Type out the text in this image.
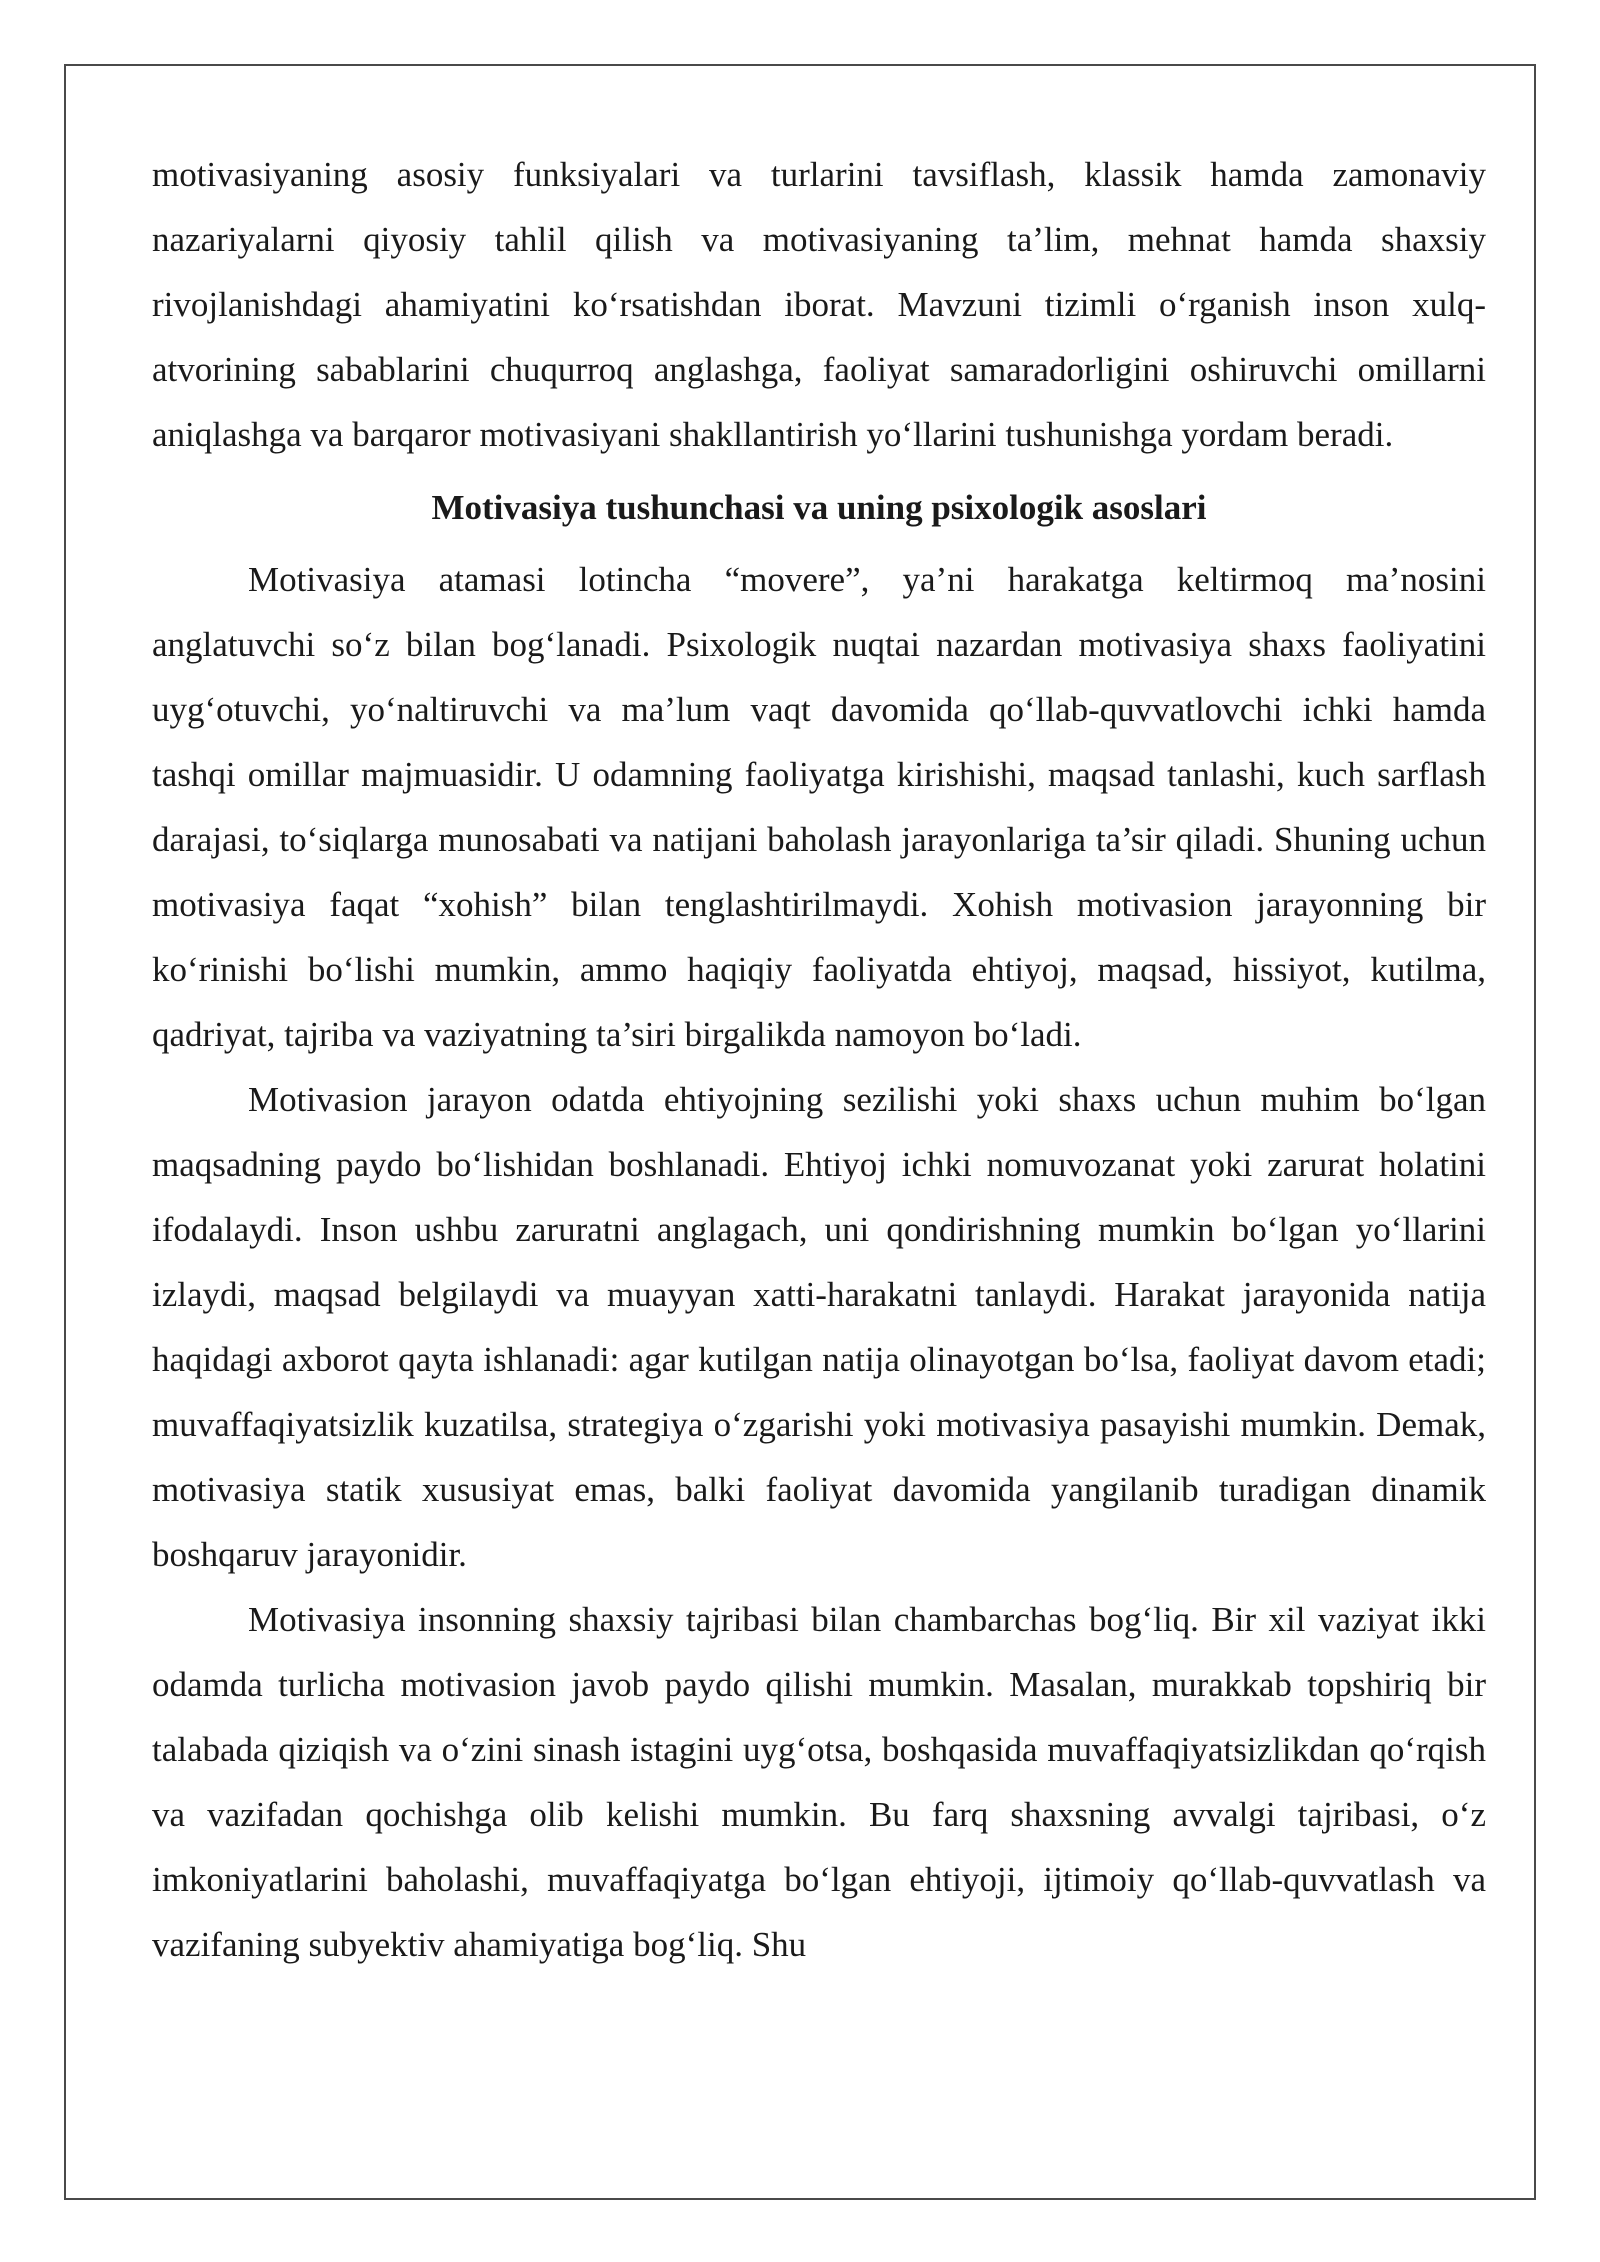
motivasiyaning asosiy funksiyalari va turlarini tavsiflash, klassik hamda zamonaviy nazariyalarni qiyosiy tahlil qilish va motivasiyaning ta’lim, mehnat hamda shaxsiy rivojlanishdagi ahamiyatini ko‘rsatishdan iborat. Mavzuni tizimli o‘rganish inson xulq-atvorining sabablarini chuqurroq anglashga, faoliyat samaradorligini oshiruvchi omillarni aniqlashga va barqaror motivasiyani shakllantirish yo‘llarini tushunishga yordam beradi.

Motivasiya tushunchasi va uning psixologik asoslari

Motivasiya atamasi lotincha “movere”, ya’ni harakatga keltirmoq ma’nosini anglatuvchi so‘z bilan bog‘lanadi. Psixologik nuqtai nazardan motivasiya shaxs faoliyatini uyg‘otuvchi, yo‘naltiruvchi va ma’lum vaqt davomida qo‘llab-quvvatlovchi ichki hamda tashqi omillar majmuasidir. U odamning faoliyatga kirishishi, maqsad tanlashi, kuch sarflash darajasi, to‘siqlarga munosabati va natijani baholash jarayonlariga ta’sir qiladi. Shuning uchun motivasiya faqat “xohish” bilan tenglashtirilmaydi. Xohish motivasion jarayonning bir ko‘rinishi bo‘lishi mumkin, ammo haqiqiy faoliyatda ehtiyoj, maqsad, hissiyot, kutilma, qadriyat, tajriba va vaziyatning ta’siri birgalikda namoyon bo‘ladi.

Motivasion jarayon odatda ehtiyojning sezilishi yoki shaxs uchun muhim bo‘lgan maqsadning paydo bo‘lishidan boshlanadi. Ehtiyoj ichki nomuvozanat yoki zarurat holatini ifodalaydi. Inson ushbu zaruratni anglagach, uni qondirishning mumkin bo‘lgan yo‘llarini izlaydi, maqsad belgilaydi va muayyan xatti-harakatni tanlaydi. Harakat jarayonida natija haqidagi axborot qayta ishlanadi: agar kutilgan natija olinayotgan bo‘lsa, faoliyat davom etadi; muvaffaqiyatsizlik kuzatilsa, strategiya o‘zgarishi yoki motivasiya pasayishi mumkin. Demak, motivasiya statik xususiyat emas, balki faoliyat davomida yangilanib turadigan dinamik boshqaruv jarayonidir.

Motivasiya insonning shaxsiy tajribasi bilan chambarchas bog‘liq. Bir xil vaziyat ikki odamda turlicha motivasion javob paydo qilishi mumkin. Masalan, murakkab topshiriq bir talabada qiziqish va o‘zini sinash istagini uyg‘otsa, boshqasida muvaffaqiyatsizlikdan qo‘rqish va vazifadan qochishga olib kelishi mumkin. Bu farq shaxsning avvalgi tajribasi, o‘z imkoniyatlarini baholashi, muvaffaqiyatga bo‘lgan ehtiyoji, ijtimoiy qo‘llab-quvvatlash va vazifaning subyektiv ahamiyatiga bog‘liq. Shu
